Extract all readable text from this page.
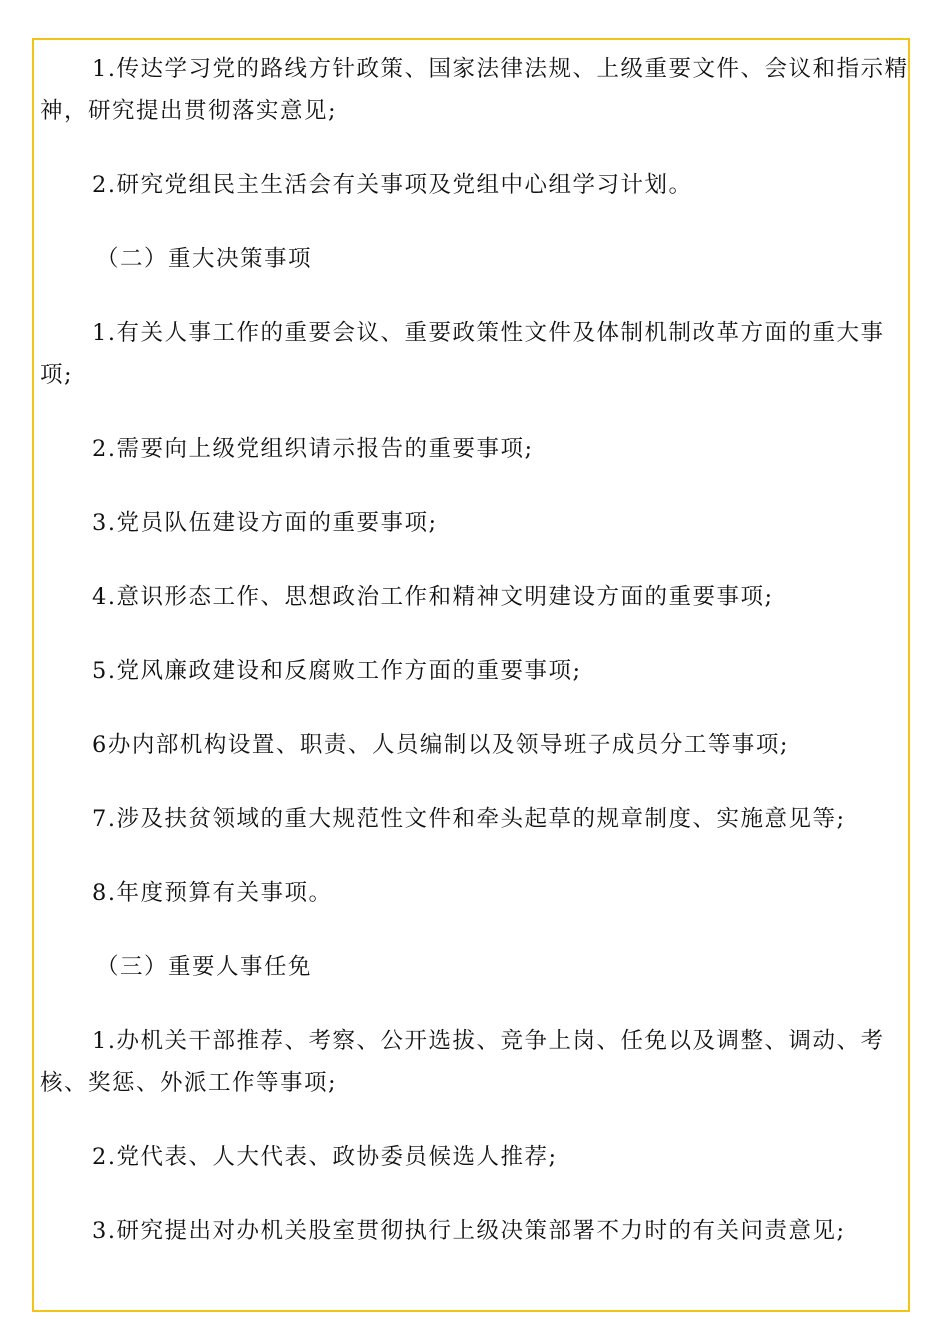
1.传达学习党的路线方针政策、国家法律法规、上级重要文件、会议和指示精神，研究提出贯彻落实意见;

2.研究党组民主生活会有关事项及党组中心组学习计划。

（二）重大决策事项

1.有关人事工作的重要会议、重要政策性文件及体制机制改革方面的重大事项;

2.需要向上级党组织请示报告的重要事项;

3.党员队伍建设方面的重要事项;

4.意识形态工作、思想政治工作和精神文明建设方面的重要事项;

5.党风廉政建设和反腐败工作方面的重要事项;

6办内部机构设置、职责、人员编制以及领导班子成员分工等事项;

7.涉及扶贫领域的重大规范性文件和牵头起草的规章制度、实施意见等;

8.年度预算有关事项。

（三）重要人事任免

1.办机关干部推荐、考察、公开选拔、竞争上岗、任免以及调整、调动、考核、奖惩、外派工作等事项;

2.党代表、人大代表、政协委员候选人推荐;

3.研究提出对办机关股室贯彻执行上级决策部署不力时的有关问责意见;
